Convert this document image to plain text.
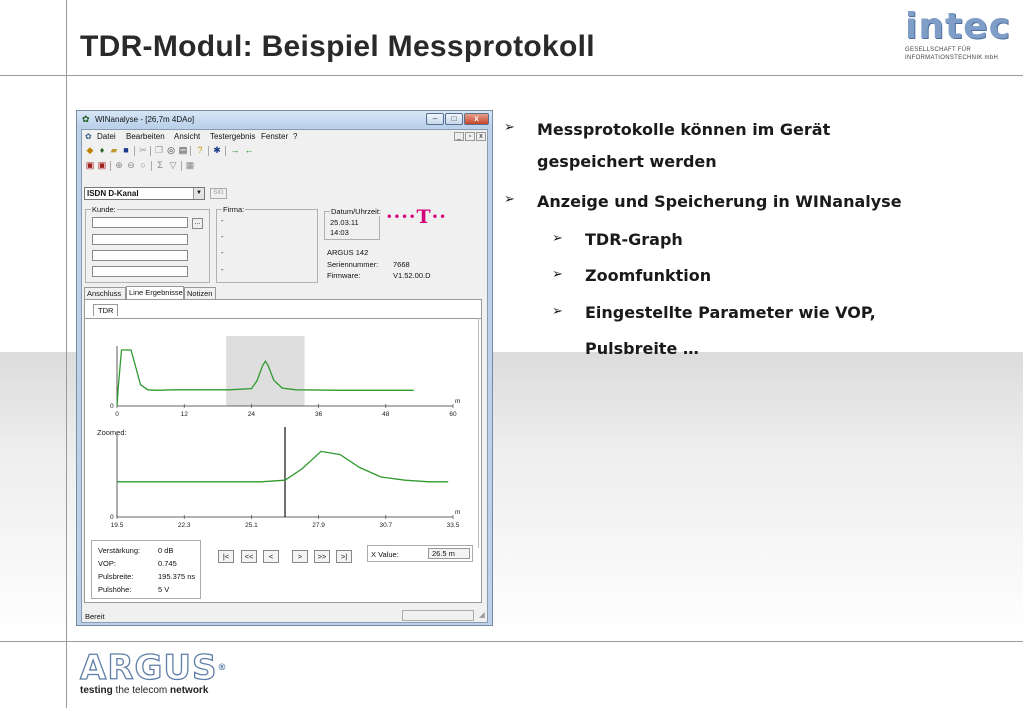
TDR-Modul: Beispiel Messprotokoll	intec
GESELLSCHAFT FÜR
INFORMATIONSTECHNIK mbH
ARGUS®
testing the telecom network
➢ Messprotokolle können im Gerät
gespeichert werden
➢ Anzeige und Speicherung in WINanalyse
➢ TDR-Graph
➢ Zoomfunktion
➢ Eingestellte Parameter wie VOP,
Pulsbreite …
✿ WINanalyse - [26,7m 4DAo]	–	□	x
✿ Datei Bearbeiten Ansicht Testergebnis Fenster ?	_	▫	x
◆ ♦ ▰ ■ ✂ ❐ ◎ ▤ ? ✱ → ←
▣ ▣ ⊕ ⊖ ○ Σ ▽ ▦
ISDN D-Kanal	▼	SIG
Kunde:
...
Firma:
-
-
-
-
Datum/Uhrzeit:
25.03.11
14:03
ARGUS 142
Seriennummer: 7668
Firmware:	V1.52.00.D
····T··
Anschluss	Line Ergebnisse Notizen
TDR
0
0	12	24	36	48	60
m
Zoomed:
0
19.5	22.3	25.1	27.9	30.7	33.5
m
Verstärkung: 0 dB
VOP:	0.745
Pulsbreite:	195.375 ns
Pulshöhe:	5 V
|<	<<	<	>	>>	>|	X Value:	26.5 m
Bereit	◢
